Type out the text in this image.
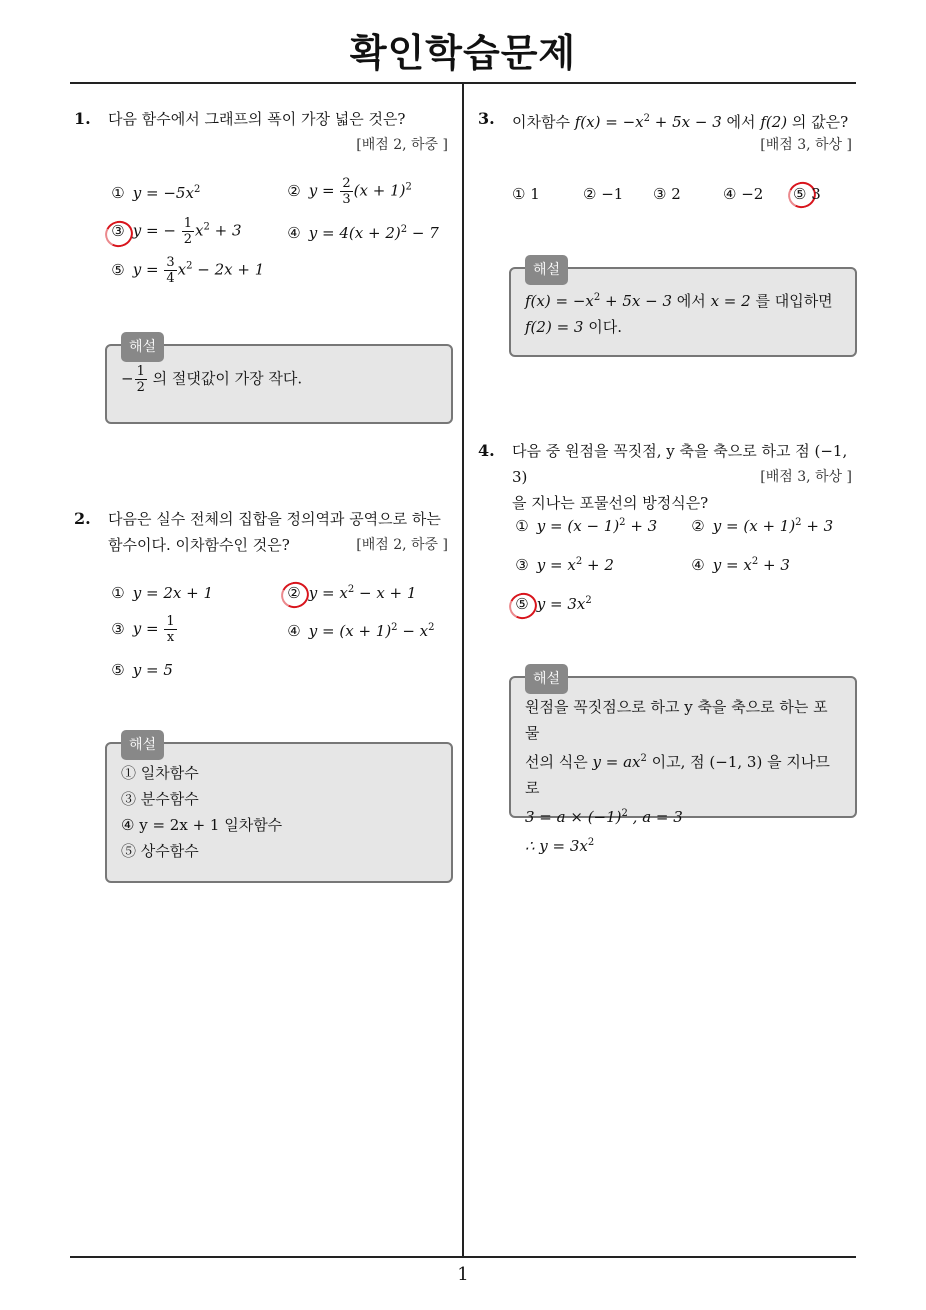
확인학습문제
1
1. 다음 함수에서 그래프의 폭이 가장 넓은 것은?
[배점 2, 하중 ]
① $y = -5x^2$	② $y = \frac{2}{3} (x + 1)^2$
③ y = − $\frac{1}{2} x^2 + 3$	④ $y = 4(x + 2)^2 - 7$
⑤ $y = \frac{3}{4} x^2 - 2x + 1$
해설
− $\frac{1}{2}$ 의 절댓값이 가장 작다.
2. 다음은 실수 전체의 집합을 정의역과 공역으로 하는
함수이다. 이차함수인 것은?	[배점 2, 하중 ]
① y = 2x + 1	② $y = x^2 - x + 1$
③ $y = \frac{1}{x}$	④ $y = (x + 1)^2 - x^2$
⑤ y = 5
해설
① 일차함수
③ 분수함수
④ y = 2x + 1 일차함수
⑤ 상수함수
3. 이차함수 $f(x) = -x^2 + 5x - 3$ 에서 f(2) 의 값은?
[배점 3, 하상 ]
① 1	② −1 ③ 2	④ −2 ⑤ 3
해설
$f(x) = -x^2 + 5x - 3$ 에서 x = 2 를 대입하면
f(2) = 3 이다.
4. 다음 중 원점을 꼭짓점, y 축을 축으로 하고 점 (−1, 3)
을 지나는 포물선의 방정식은?
[배점 3, 하상 ]
① $y = (x - 1)^2 + 3$ ② $y = (x + 1)^2 + 3$
③ $y = x^2 + 2$	④ $y = x^2 + 3$
⑤ $y = 3x^2$
해설
원점을 꼭짓점으로 하고 y 축을 축으로 하는 포물
선의 식은 $y = ax^2$ 이고, 점 (−1, 3) 을 지나므로
$3 = a \times (-1)^2$ , a = 3
∴ $y = 3x^2$
